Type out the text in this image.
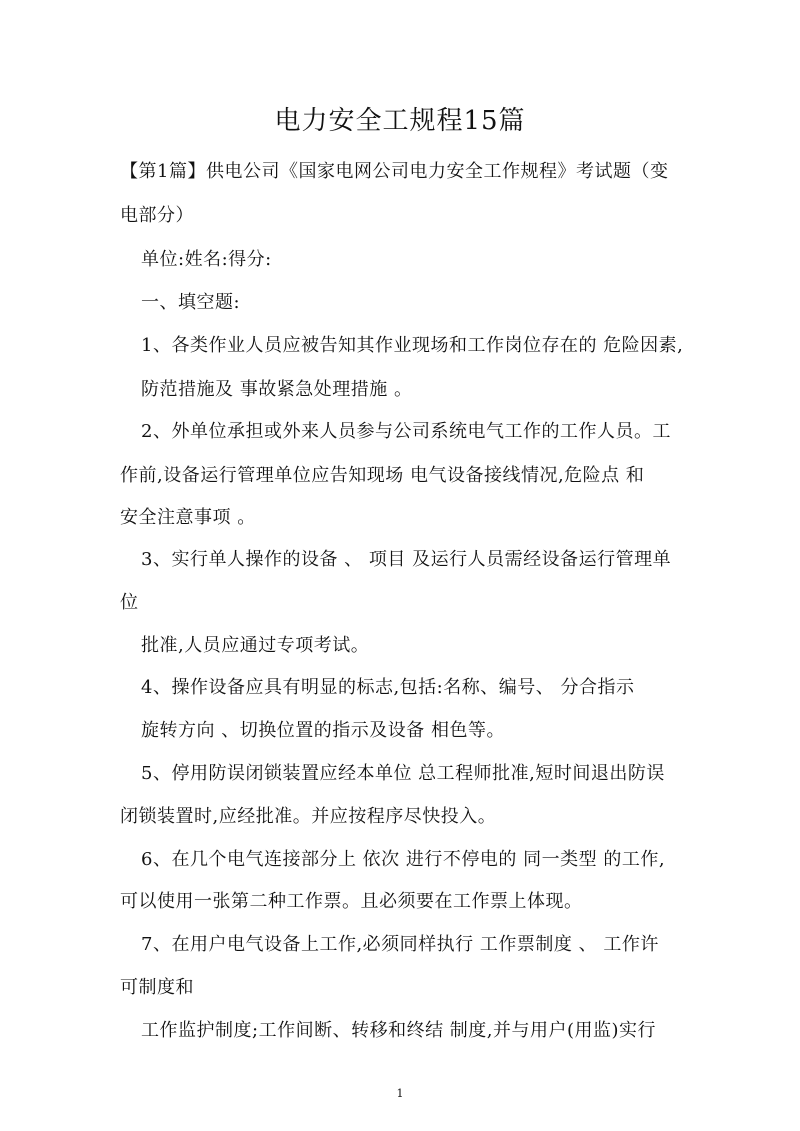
电力安全工规程15篇
【第1篇】供电公司《国家电网公司电力安全工作规程》考试题（变
电部分）
单位:姓名:得分:
一、填空题:
1、各类作业人员应被告知其作业现场和工作岗位存在的 危险因素,
防范措施及 事故紧急处理措施 。
2、外单位承担或外来人员参与公司系统电气工作的工作人员。工
作前,设备运行管理单位应告知现场 电气设备接线情况,危险点 和
安全注意事项 。
3、实行单人操作的设备 、 项目 及运行人员需经设备运行管理单
位
批准,人员应通过专项考试。
4、操作设备应具有明显的标志,包括:名称、编号、 分合指示
旋转方向 、切换位置的指示及设备 相色等。
5、停用防误闭锁装置应经本单位 总工程师批准,短时间退出防误
闭锁装置时,应经批准。并应按程序尽快投入。
6、在几个电气连接部分上 依次 进行不停电的 同一类型 的工作,
可以使用一张第二种工作票。且必须要在工作票上体现。
7、在用户电气设备上工作,必须同样执行 工作票制度 、 工作许
可制度和
工作监护制度;工作间断、转移和终结 制度,并与用户(用监)实行
1
